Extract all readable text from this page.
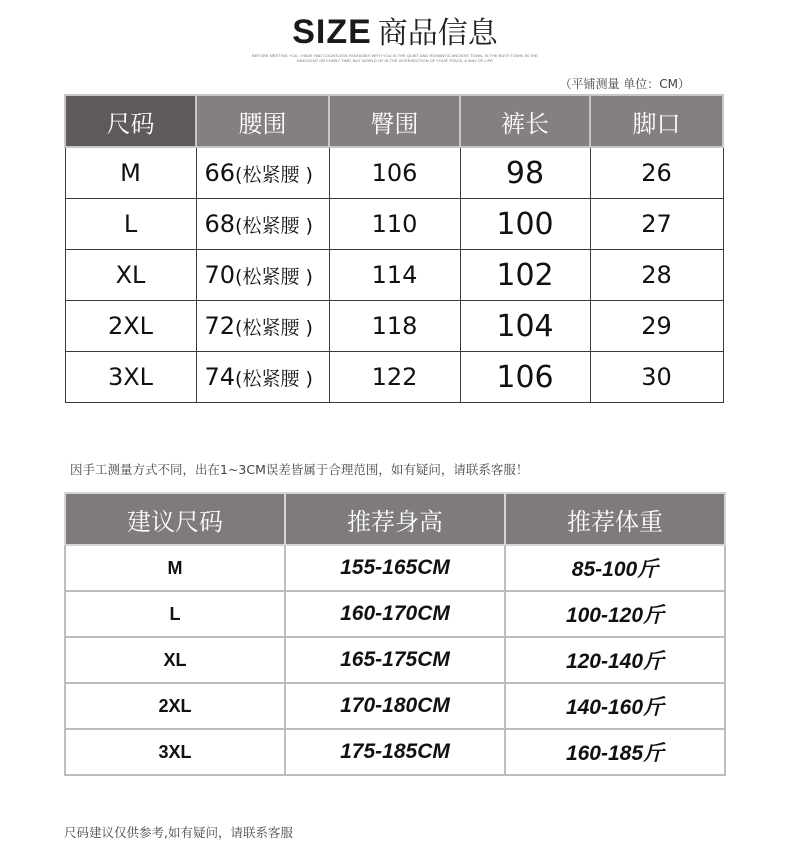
SIZE 商品信息
BEFORE MEETING YOU, I HAVE HAD COUNTLESS FANTASIES WITH YOU IN THE QUIET AND ROMANTIC ANCIENT TOWN, IN THE BUSY TOWN, IN THE INNOCENT OR FUNNY TIME, BUT WORLD OF IN THE INTERSECTION OF YOUR TRACK, A WAY OF LIFE
（平铺测量 单位：CM）
尺码	腰围	臀围	裤长	脚口
M	66(松紧腰 )	106	98	26
L	68(松紧腰 )	110	100	27
XL	70(松紧腰 )	114	102	28
2XL	72(松紧腰 )	118	104	29
3XL	74(松紧腰 )	122	106	30
因手工测量方式不同，出在1~3CM误差皆属于合理范围，如有疑问，请联系客服！
建议尺码	推荐身高	推荐体重
M	155-165CM	85-100斤
L	160-170CM	100-120斤
XL	165-175CM	120-140斤
2XL	170-180CM	140-160斤
3XL	175-185CM	160-185斤
尺码建议仅供参考,如有疑问，请联系客服
